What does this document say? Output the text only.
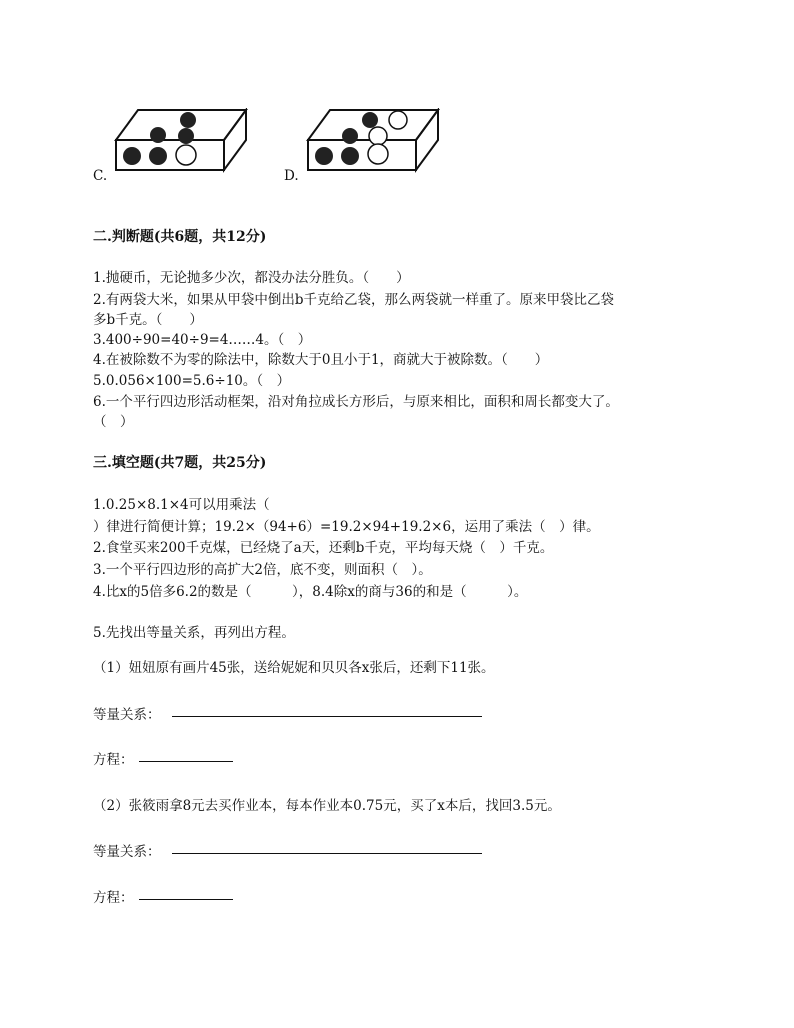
C.	D.
二.判断题(共6题，共12分)
1.抛硬币，无论抛多少次，都没办法分胜负。（　　）
2.有两袋大米，如果从甲袋中倒出b千克给乙袋，那么两袋就一样重了。原来甲袋比乙袋
多b千克。（　　）
3.400÷90=40÷9=4……4。（　）
4.在被除数不为零的除法中，除数大于0且小于1，商就大于被除数。（　　）
5.0.056×100=5.6÷10。（　）
6.一个平行四边形活动框架，沿对角拉成长方形后，与原来相比，面积和周长都变大了。
（　）
三.填空题(共7题，共25分)
1.0.25×8.1×4可以用乘法（
）律进行简便计算；19.2×（94+6）=19.2×94+19.2×6，运用了乘法（　）律。
2.食堂买来200千克煤，已经烧了a天，还剩b千克，平均每天烧（　）千克。
3.一个平行四边形的高扩大2倍，底不变，则面积（　）。
4.比x的5倍多6.2的数是（　　　），8.4除x的商与36的和是（　　　）。
5.先找出等量关系，再列出方程。
（1）妞妞原有画片45张，送给妮妮和贝贝各x张后，还剩下11张。
等量关系：
方程：
（2）张筱雨拿8元去买作业本，每本作业本0.75元，买了x本后，找回3.5元。
等量关系：
方程：
